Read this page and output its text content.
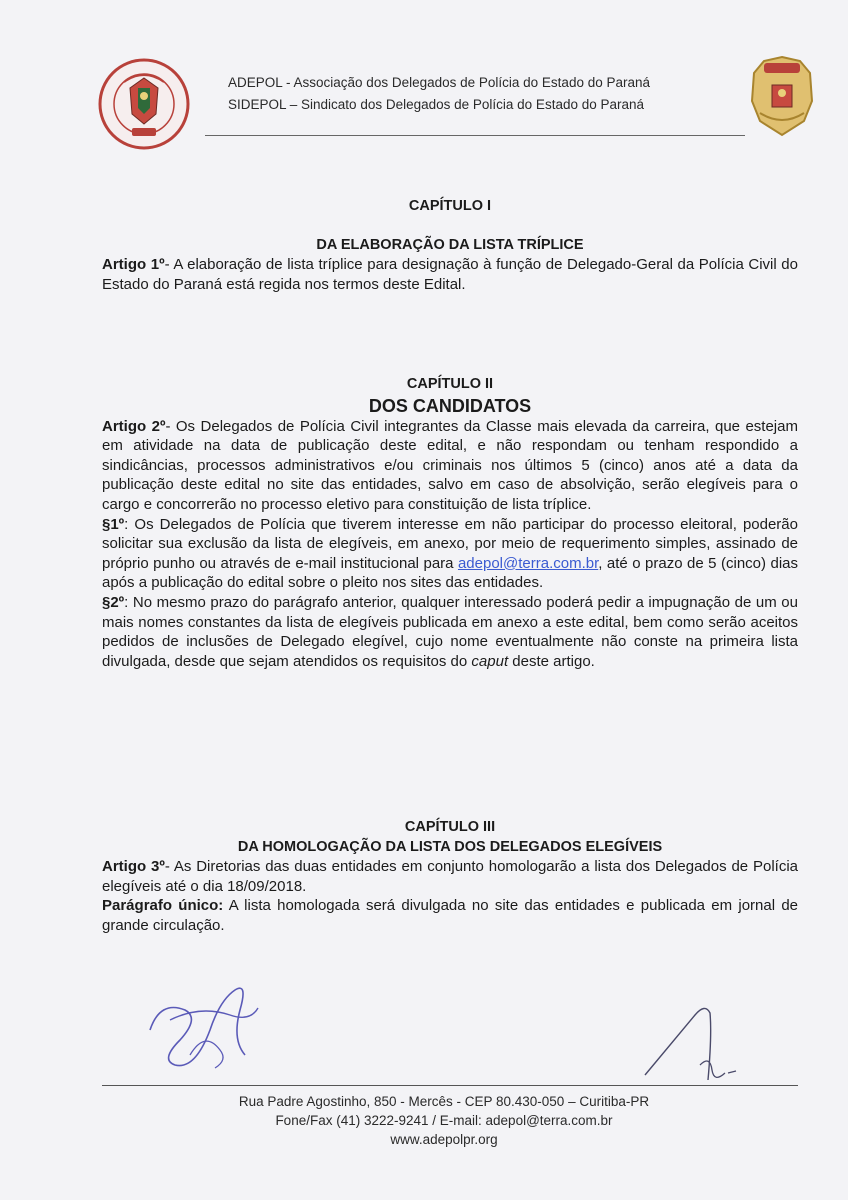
ADEPOL - Associação dos Delegados de Polícia do Estado do Paraná
SIDEPOL – Sindicato dos Delegados de Polícia do Estado do Paraná
CAPÍTULO I
DA ELABORAÇÃO DA LISTA TRÍPLICE

Artigo 1º- A elaboração de lista tríplice para designação à função de Delegado-Geral da Polícia Civil do Estado do Paraná está regida nos termos deste Edital.

CAPÍTULO II
DOS CANDIDATOS

Artigo 2º- Os Delegados de Polícia Civil integrantes da Classe mais elevada da carreira, que estejam em atividade na data de publicação deste edital, e não respondam ou tenham respondido a sindicâncias, processos administrativos e/ou criminais nos últimos 5 (cinco) anos até a data da publicação deste edital no site das entidades, salvo em caso de absolvição, serão elegíveis para o cargo e concorrerão no processo eletivo para constituição de lista tríplice.

§1º: Os Delegados de Polícia que tiverem interesse em não participar do processo eleitoral, poderão solicitar sua exclusão da lista de elegíveis, em anexo, por meio de requerimento simples, assinado de próprio punho ou através de e-mail institucional para adepol@terra.com.br, até o prazo de 5 (cinco) dias após a publicação do edital sobre o pleito nos sites das entidades.

§2º: No mesmo prazo do parágrafo anterior, qualquer interessado poderá pedir a impugnação de um ou mais nomes constantes da lista de elegíveis publicada em anexo a este edital, bem como serão aceitos pedidos de inclusões de Delegado elegível, cujo nome eventualmente não conste na primeira lista divulgada, desde que sejam atendidos os requisitos do caput deste artigo.

CAPÍTULO III
DA HOMOLOGAÇÃO DA LISTA DOS DELEGADOS ELEGÍVEIS

Artigo 3º- As Diretorias das duas entidades em conjunto homologarão a lista dos Delegados de Polícia elegíveis até o dia 18/09/2018.

Parágrafo único: A lista homologada será divulgada no site das entidades e publicada em jornal de grande circulação.

Rua Padre Agostinho, 850 - Mercês - CEP 80.430-050 – Curitiba-PR
Fone/Fax (41) 3222-9241 / E-mail: adepol@terra.com.br
www.adepolpr.org
